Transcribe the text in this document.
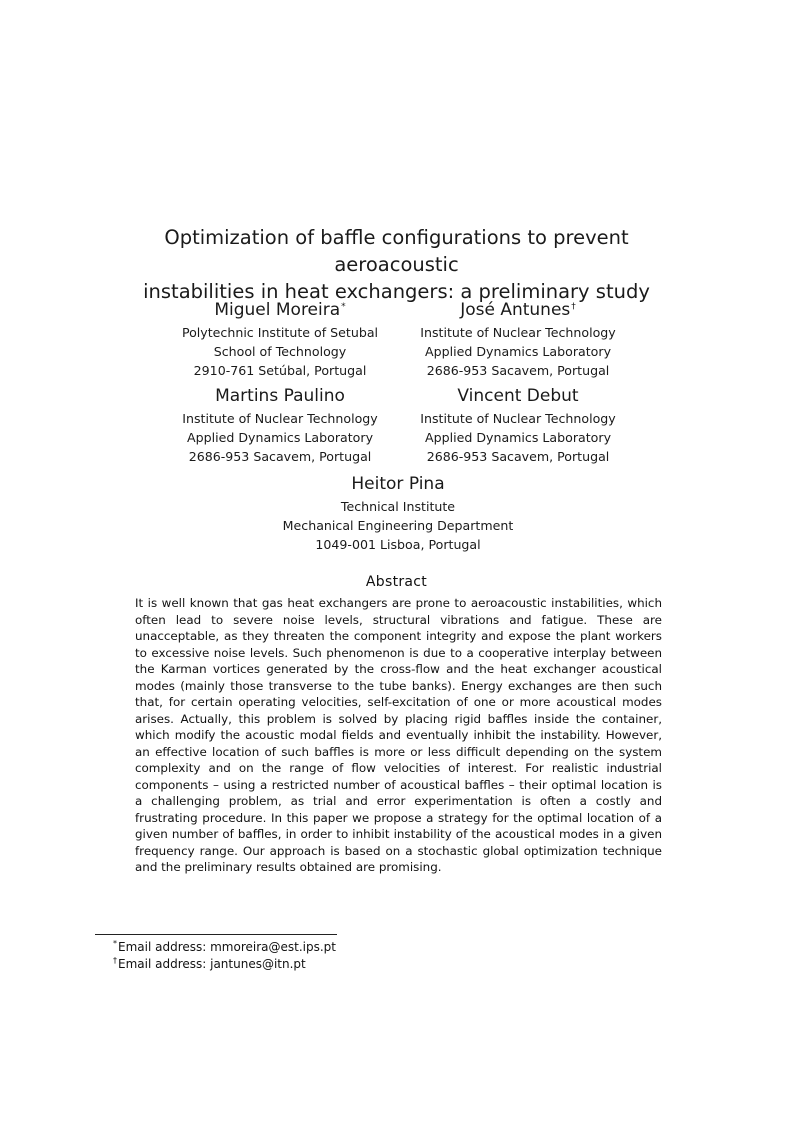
Optimization of baffle configurations to prevent aeroacoustic
instabilities in heat exchangers: a preliminary study
Miguel Moreira*
Polytechnic Institute of Setubal
School of Technology
2910-761 Setúbal, Portugal
José Antunes†
Institute of Nuclear Technology
Applied Dynamics Laboratory
2686-953 Sacavem, Portugal
Martins Paulino
Institute of Nuclear Technology
Applied Dynamics Laboratory
2686-953 Sacavem, Portugal
Vincent Debut
Institute of Nuclear Technology
Applied Dynamics Laboratory
2686-953 Sacavem, Portugal
Heitor Pina
Technical Institute
Mechanical Engineering Department
1049-001 Lisboa, Portugal
Abstract

It is well known that gas heat exchangers are prone to aeroacoustic instabilities, which often lead to severe noise levels, structural vibrations and fatigue. These are unacceptable, as they threaten the component integrity and expose the plant workers to excessive noise levels. Such phenomenon is due to a cooperative interplay between the Karman vortices generated by the cross-flow and the heat exchanger acoustical modes (mainly those transverse to the tube banks). Energy exchanges are then such that, for certain operating velocities, self-excitation of one or more acoustical modes arises. Actually, this problem is solved by placing rigid baffles inside the container, which modify the acoustic modal fields and eventually inhibit the instability. However, an effective location of such baffles is more or less difficult depending on the system complexity and on the range of flow velocities of interest. For realistic industrial components – using a restricted number of acoustical baffles – their optimal location is a challenging problem, as trial and error experimentation is often a costly and frustrating procedure. In this paper we propose a strategy for the optimal location of a given number of baffles, in order to inhibit instability of the acoustical modes in a given frequency range. Our approach is based on a stochastic global optimization technique and the preliminary results obtained are promising.

*Email address: mmoreira@est.ips.pt
†Email address: jantunes@itn.pt
